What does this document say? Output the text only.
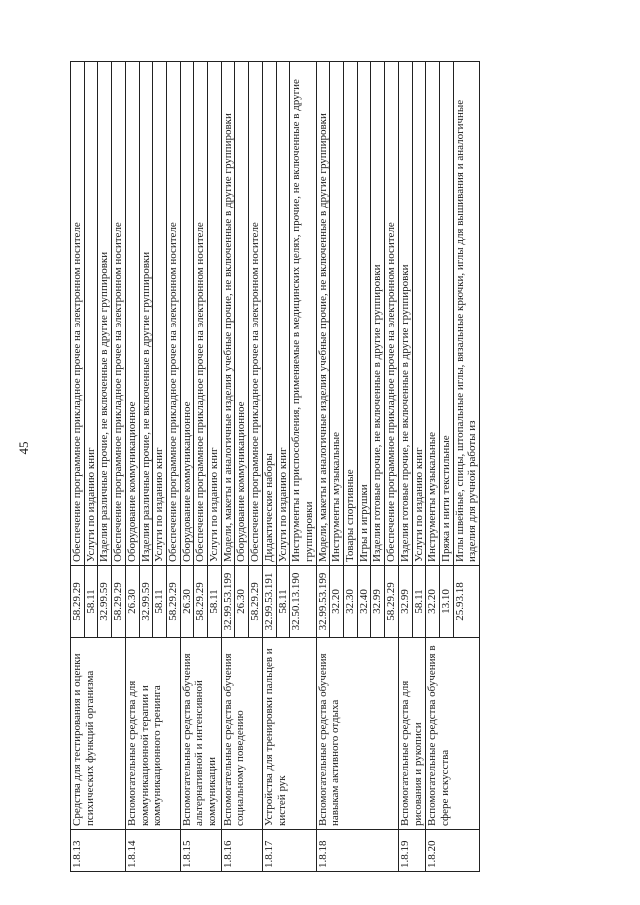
45
1.8.13	Средства для тестирования и оценки психических функций организма	58.29.29	Обеспечение программное прикладное прочее на электронном носителе
		58.11	Услуги по изданию книг
		32.99.59	Изделия различные прочие, не включенные в другие группировки
		58.29.29	Обеспечение программное прикладное прочее на электронном носителе
1.8.14	Вспомогательные средства для коммуникационной терапии и коммуникационного тренинга	26.30	Оборудование коммуникационное
		32.99.59	Изделия различные прочие, не включенные в другие группировки
		58.11	Услуги по изданию книг
		58.29.29	Обеспечение программное прикладное прочее на электронном носителе
1.8.15	Вспомогательные средства обучения альтернативной и интенсивной коммуникации	26.30	Оборудование коммуникационное
		58.29.29	Обеспечение программное прикладное прочее на электронном носителе
		58.11	Услуги по изданию книг
1.8.16	Вспомогательные средства обучения социальному поведению	32.99.53.199	Модели, макеты и аналогичные изделия учебные прочие, не включенные в другие группировки
		26.30	Оборудование коммуникационное
		58.29.29	Обеспечение программное прикладное прочее на электронном носителе
1.8.17	Устройства для тренировки пальцев и кистей рук	32.99.53.191	Дидактические наборы
		58.11	Услуги по изданию книг
		32.50.13.190	Инструменты и приспособления, применяемые в медицинских целях, прочие, не включенные в другие группировки
1.8.18	Вспомогательные средства обучения навыкам активного отдыха	32.99.53.199	Модели, макеты и аналогичные изделия учебные прочие, не включенные в другие группировки
		32.20	Инструменты музыкальные
		32.30	Товары спортивные
		32.40	Игры и игрушки
		32.99	Изделия готовые прочие, не включенные в другие группировки
		58.29.29	Обеспечение программное прикладное прочее на электронном носителе
1.8.19	Вспомогательные средства для рисования и рукописи	32.99	Изделия готовые прочие, не включенные в другие группировки
		58.11	Услуги по изданию книг
1.8.20	Вспомогательные средства обучения в сфере искусства	32.20	Инструменты музыкальные
		13.10	Пряжа и нити текстильные
		25.93.18	Иглы швейные, спицы, штопальные иглы, вязальные крючки, иглы для вышивания и аналогичные изделия для ручной работы из
